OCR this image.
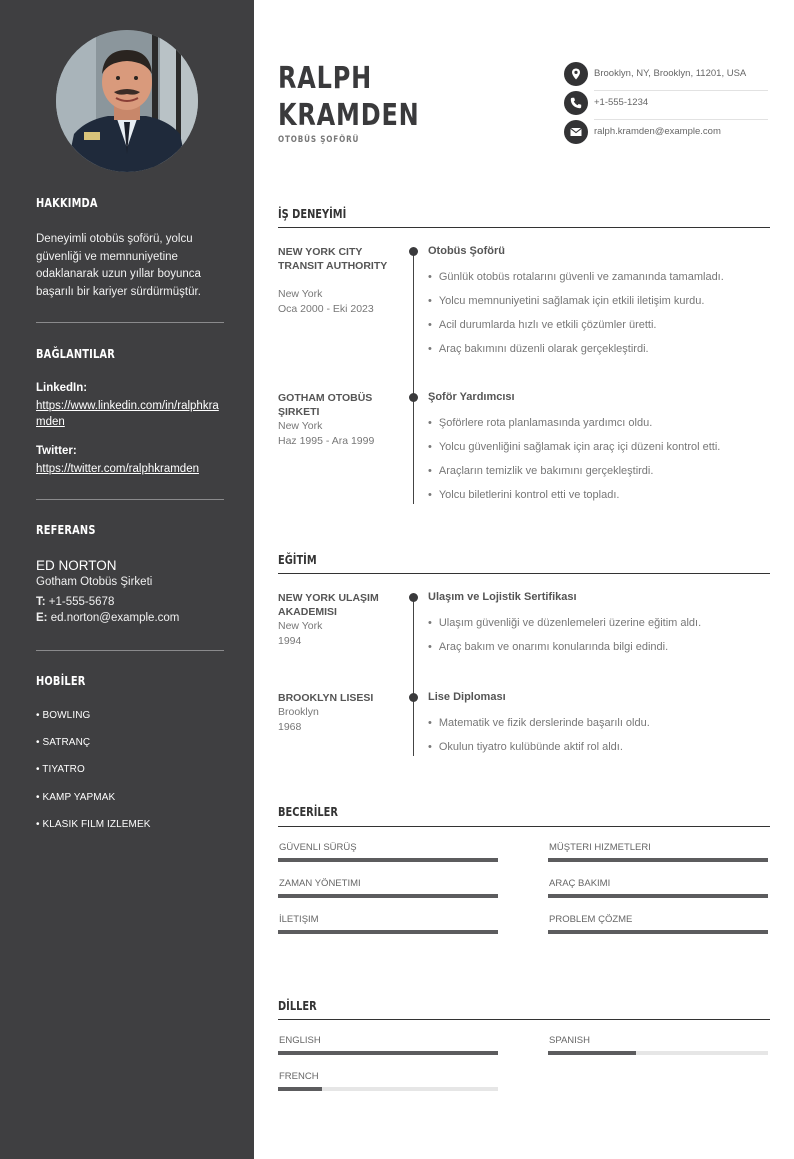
HAKKIMDA
Deneyimli otobüs şoförü, yolcu güvenliği ve memnuniyetine odaklanarak uzun yıllar boyunca başarılı bir kariyer sürdürmüştür.
BAĞLANTILAR
LinkedIn:
https://www.linkedin.com/in/ralphkramden
Twitter:
https://twitter.com/ralphkramden
REFERANS
ED NORTON
Gotham Otobüs Şirketi
T: +1-555-5678
E: ed.norton@example.com
HOBİLER
• BOWLING
• SATRANÇ
• TIYATRO
• KAMP YAPMAK
• KLASIK FILM IZLEMEK
RALPH
KRAMDEN
OTOBÜS ŞOFÖRÜ
Brooklyn, NY, Brooklyn, 11201, USA
+1-555-1234
ralph.kramden@example.com
İŞ DENEYİMİ
NEW YORK CITY TRANSIT AUTHORITY
New York
Oca 2000 - Eki 2023
Otobüs Şoförü
• Günlük otobüs rotalarını güvenli ve zamanında tamamladı.
• Yolcu memnuniyetini sağlamak için etkili iletişim kurdu.
• Acil durumlarda hızlı ve etkili çözümler üretti.
• Araç bakımını düzenli olarak gerçekleştirdi.
GOTHAM OTOBÜS ŞIRKETI
New York
Haz 1995 - Ara 1999
Şoför Yardımcısı
• Şoförlere rota planlamasında yardımcı oldu.
• Yolcu güvenliğini sağlamak için araç içi düzeni kontrol etti.
• Araçların temizlik ve bakımını gerçekleştirdi.
• Yolcu biletlerini kontrol etti ve topladı.
EĞİTİM
NEW YORK ULAŞIM AKADEMISI
New York
1994
Ulaşım ve Lojistik Sertifikası
• Ulaşım güvenliği ve düzenlemeleri üzerine eğitim aldı.
• Araç bakım ve onarımı konularında bilgi edindi.
BROOKLYN LISESI
Brooklyn
1968
Lise Diploması
• Matematik ve fizik derslerinde başarılı oldu.
• Okulun tiyatro kulübünde aktif rol aldı.
BECERİLER
GÜVENLI SÜRÜŞ	MÜŞTERI HIZMETLERI
ZAMAN YÖNETIMI	ARAÇ BAKIMI
İLETIŞIM	PROBLEM ÇÖZME
DİLLER
ENGLISH	SPANISH
FRENCH
